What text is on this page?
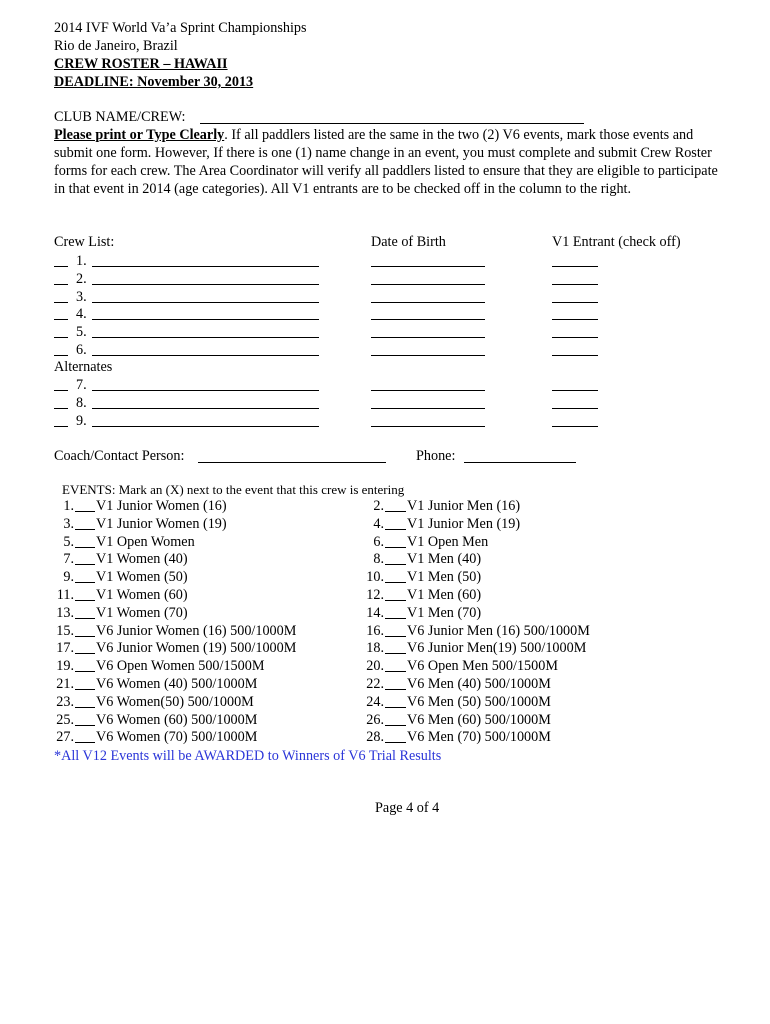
2014 IVF World Va’a Sprint Championships
Rio de Janeiro, Brazil
CREW ROSTER – HAWAII
DEADLINE: November 30, 2013
CLUB NAME/CREW:
Please print or Type Clearly. If all paddlers listed are the same in the two (2) V6 events, mark those events and submit one form. However, If there is one (1) name change in an event, you must complete and submit Crew Roster forms for each crew. The Area Coordinator will verify all paddlers listed to ensure that they are eligible to participate in that event in 2014 (age categories). All V1 entrants are to be checked off in the column to the right.
Crew List:	Date of Birth	V1 Entrant (check off)
1.
2.
3.
4.
5.
6.
7.
8.
9.
Alternates
Coach/Contact Person:	Phone:
EVENTS: Mark an (X) next to the event that this crew is entering
1. V1 Junior Women (16)
3. V1 Junior Women (19)
5. V1 Open Women
7. V1 Women (40)
9. V1 Women (50)
11. V1 Women (60)
13. V1 Women (70)
15. V6 Junior Women (16) 500/1000M
17. V6 Junior Women (19) 500/1000M
19. V6 Open Women 500/1500M
21. V6 Women (40) 500/1000M
23. V6 Women(50) 500/1000M
25. V6 Women (60) 500/1000M
27. V6 Women (70) 500/1000M
2. V1 Junior Men (16)
4. V1 Junior Men (19)
6. V1 Open Men
8. V1 Men (40)
10. V1 Men (50)
12. V1 Men (60)
14. V1 Men (70)
16. V6 Junior Men (16) 500/1000M
18. V6 Junior Men(19) 500/1000M
20. V6 Open Men 500/1500M
22. V6 Men (40) 500/1000M
24. V6 Men (50) 500/1000M
26. V6 Men (60) 500/1000M
28. V6 Men (70) 500/1000M
*All V12 Events will be AWARDED to Winners of V6 Trial Results
Page 4 of 4
